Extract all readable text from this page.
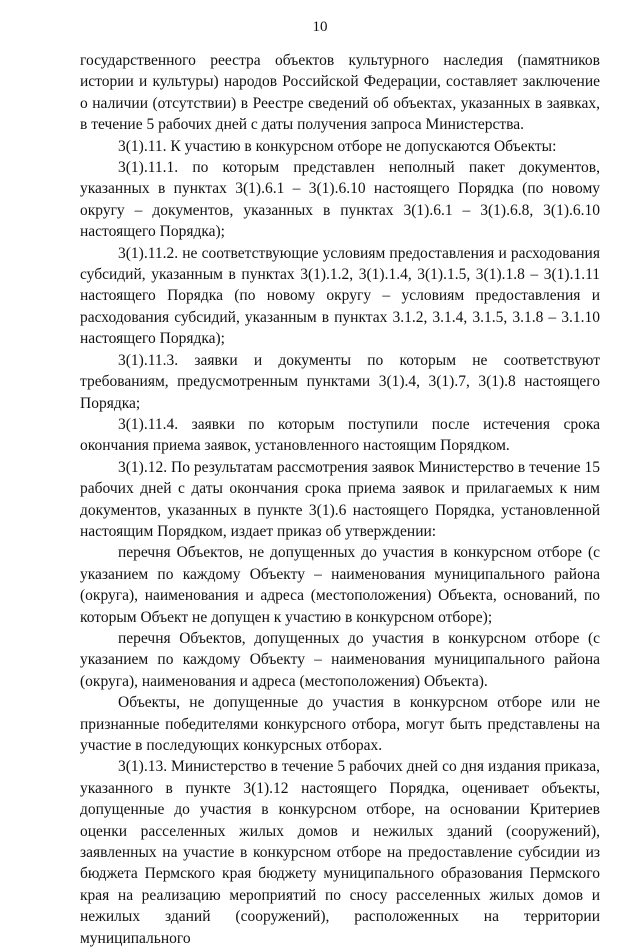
10

государственного реестра объектов культурного наследия (памятников истории и культуры) народов Российской Федерации, составляет заключение о наличии (отсутствии) в Реестре сведений об объектах, указанных в заявках, в течение 5 рабочих дней с даты получения запроса Министерства.

3(1).11. К участию в конкурсном отборе не допускаются Объекты:

3(1).11.1. по которым представлен неполный пакет документов, указанных в пунктах 3(1).6.1 – 3(1).6.10 настоящего Порядка (по новому округу – документов, указанных в пунктах 3(1).6.1 – 3(1).6.8, 3(1).6.10 настоящего Порядка);

3(1).11.2. не соответствующие условиям предоставления и расходования субсидий, указанным в пунктах 3(1).1.2, 3(1).1.4, 3(1).1.5, 3(1).1.8 – 3(1).1.11 настоящего Порядка (по новому округу – условиям предоставления и расходования субсидий, указанным в пунктах 3.1.2, 3.1.4, 3.1.5, 3.1.8 – 3.1.10 настоящего Порядка);

3(1).11.3. заявки и документы по которым не соответствуют требованиям, предусмотренным пунктами 3(1).4, 3(1).7, 3(1).8 настоящего Порядка;

3(1).11.4. заявки по которым поступили после истечения срока окончания приема заявок, установленного настоящим Порядком.

3(1).12. По результатам рассмотрения заявок Министерство в течение 15 рабочих дней с даты окончания срока приема заявок и прилагаемых к ним документов, указанных в пункте 3(1).6 настоящего Порядка, установленной настоящим Порядком, издает приказ об утверждении:

перечня Объектов, не допущенных до участия в конкурсном отборе (с указанием по каждому Объекту – наименования муниципального района (округа), наименования и адреса (местоположения) Объекта, оснований, по которым Объект не допущен к участию в конкурсном отборе);

перечня Объектов, допущенных до участия в конкурсном отборе (с указанием по каждому Объекту – наименования муниципального района (округа), наименования и адреса (местоположения) Объекта).

Объекты, не допущенные до участия в конкурсном отборе или не признанные победителями конкурсного отбора, могут быть представлены на участие в последующих конкурсных отборах.

3(1).13. Министерство в течение 5 рабочих дней со дня издания приказа, указанного в пункте 3(1).12 настоящего Порядка, оценивает объекты, допущенные до участия в конкурсном отборе, на основании Критериев оценки расселенных жилых домов и нежилых зданий (сооружений), заявленных на участие в конкурсном отборе на предоставление субсидии из бюджета Пермского края бюджету муниципального образования Пермского края на реализацию мероприятий по сносу расселенных жилых домов и нежилых зданий (сооружений), расположенных на территории муниципального
